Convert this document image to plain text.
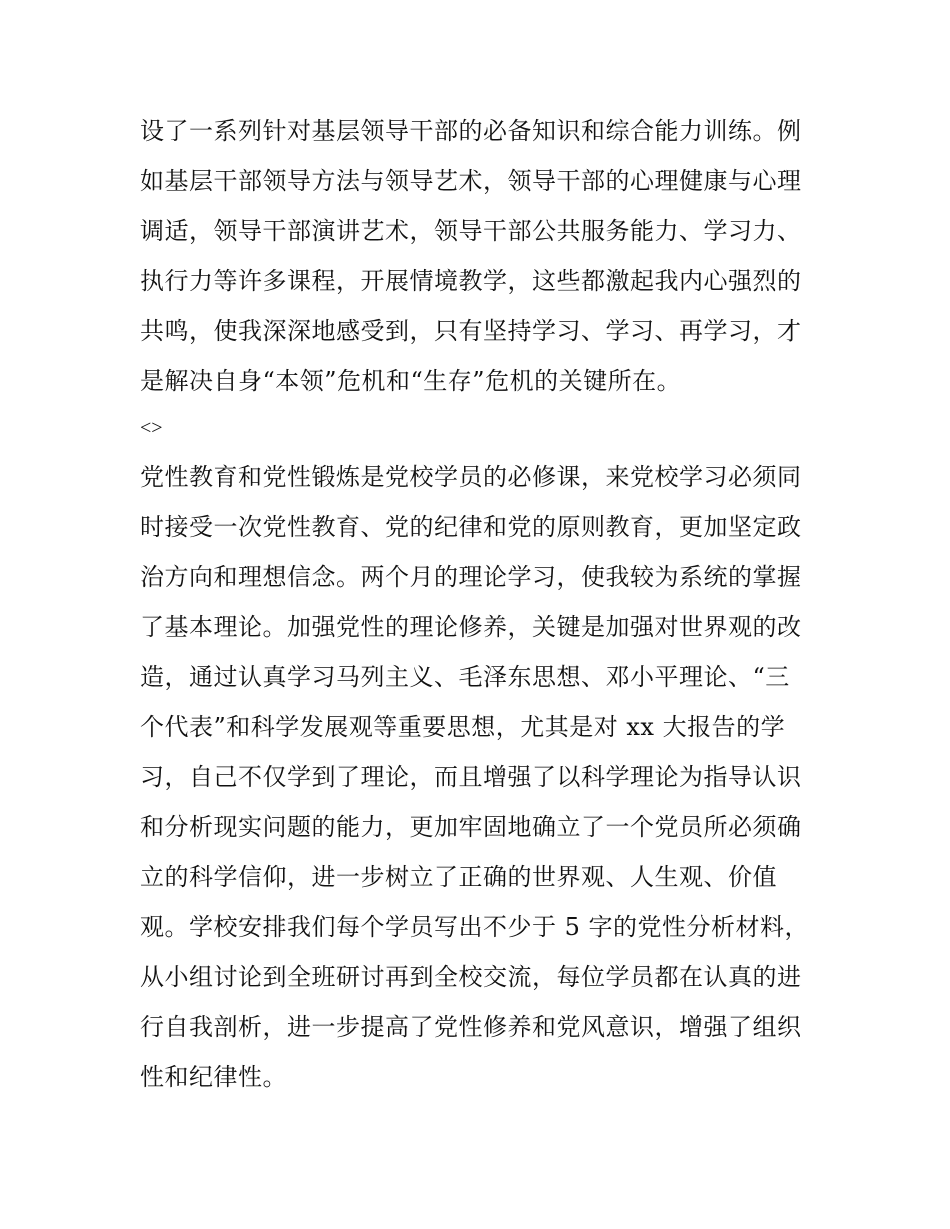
设了一系列针对基层领导干部的必备知识和综合能力训练。例
如基层干部领导方法与领导艺术，领导干部的心理健康与心理
调适，领导干部演讲艺术，领导干部公共服务能力、学习力、
执行力等许多课程，开展情境教学，这些都激起我内心强烈的
共鸣，使我深深地感受到，只有坚持学习、学习、再学习，才
是解决自身“本领”危机和“生存”危机的关键所在。
<>
党性教育和党性锻炼是党校学员的必修课，来党校学习必须同
时接受一次党性教育、党的纪律和党的原则教育，更加坚定政
治方向和理想信念。两个月的理论学习，使我较为系统的掌握
了基本理论。加强党性的理论修养，关键是加强对世界观的改
造，通过认真学习马列主义、毛泽东思想、邓小平理论、“三
个代表”和科学发展观等重要思想，尤其是对 xx 大报告的学
习，自己不仅学到了理论，而且增强了以科学理论为指导认识
和分析现实问题的能力，更加牢固地确立了一个党员所必须确
立的科学信仰，进一步树立了正确的世界观、人生观、价值
观。学校安排我们每个学员写出不少于 5 字的党性分析材料，
从小组讨论到全班研讨再到全校交流，每位学员都在认真的进
行自我剖析，进一步提高了党性修养和党风意识，增强了组织
性和纪律性。
